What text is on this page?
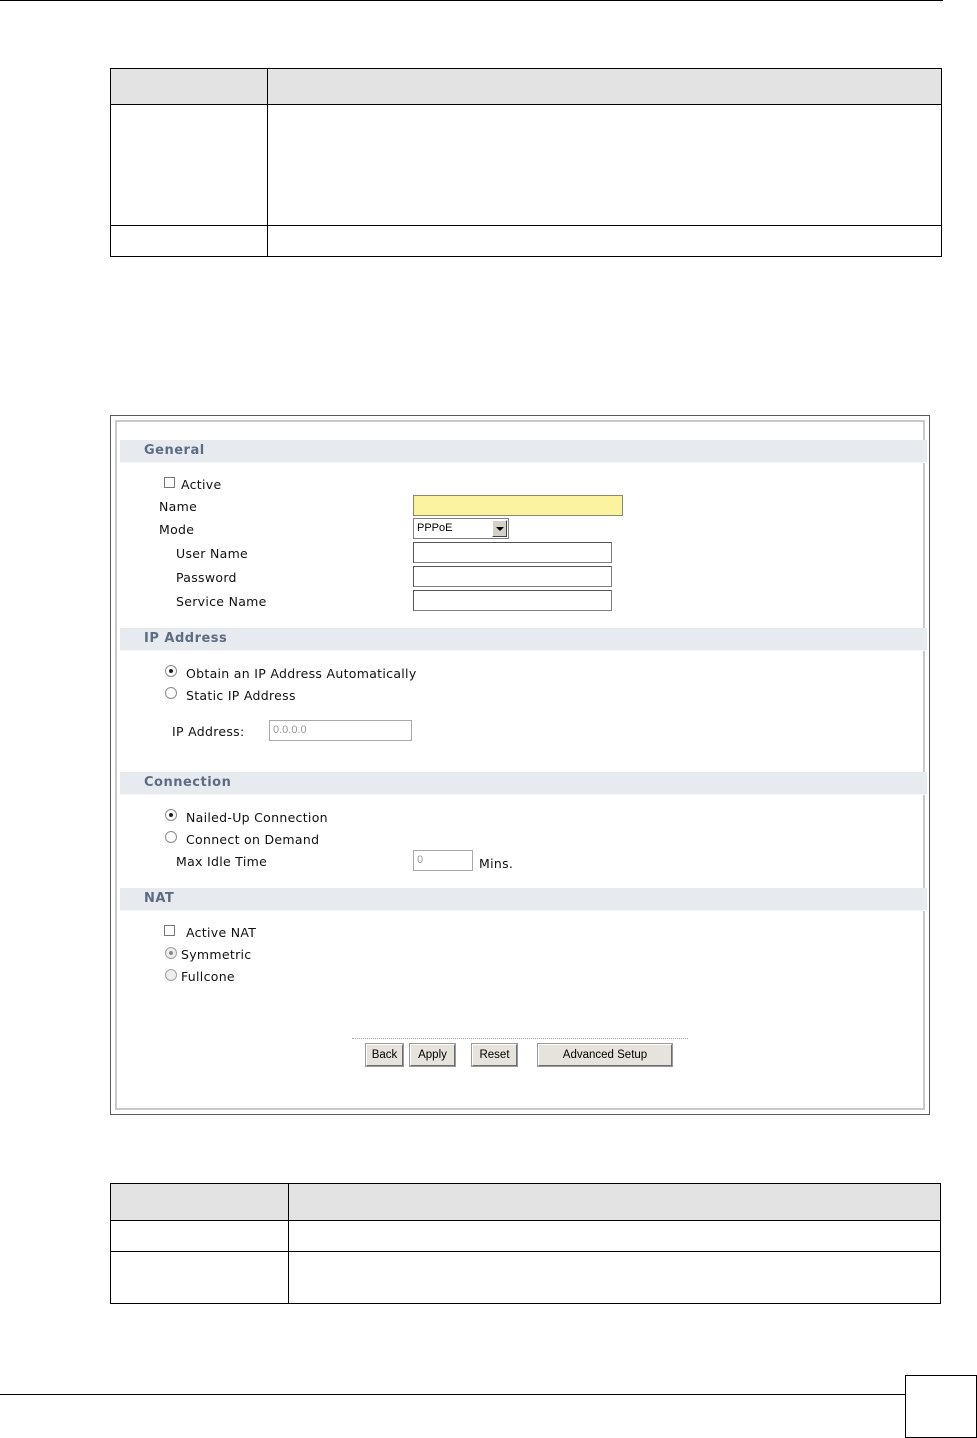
General
Active
Name
Mode	PPPoE
User Name
Password
Service Name
IP Address
Obtain an IP Address Automatically
Static IP Address
IP Address:	0.0.0.0
Connection
Nailed-Up Connection
Connect on Demand
Max Idle Time	0	Mins.
NAT
Active NAT
Symmetric
Fullcone
Back	Apply	Reset	Advanced Setup
